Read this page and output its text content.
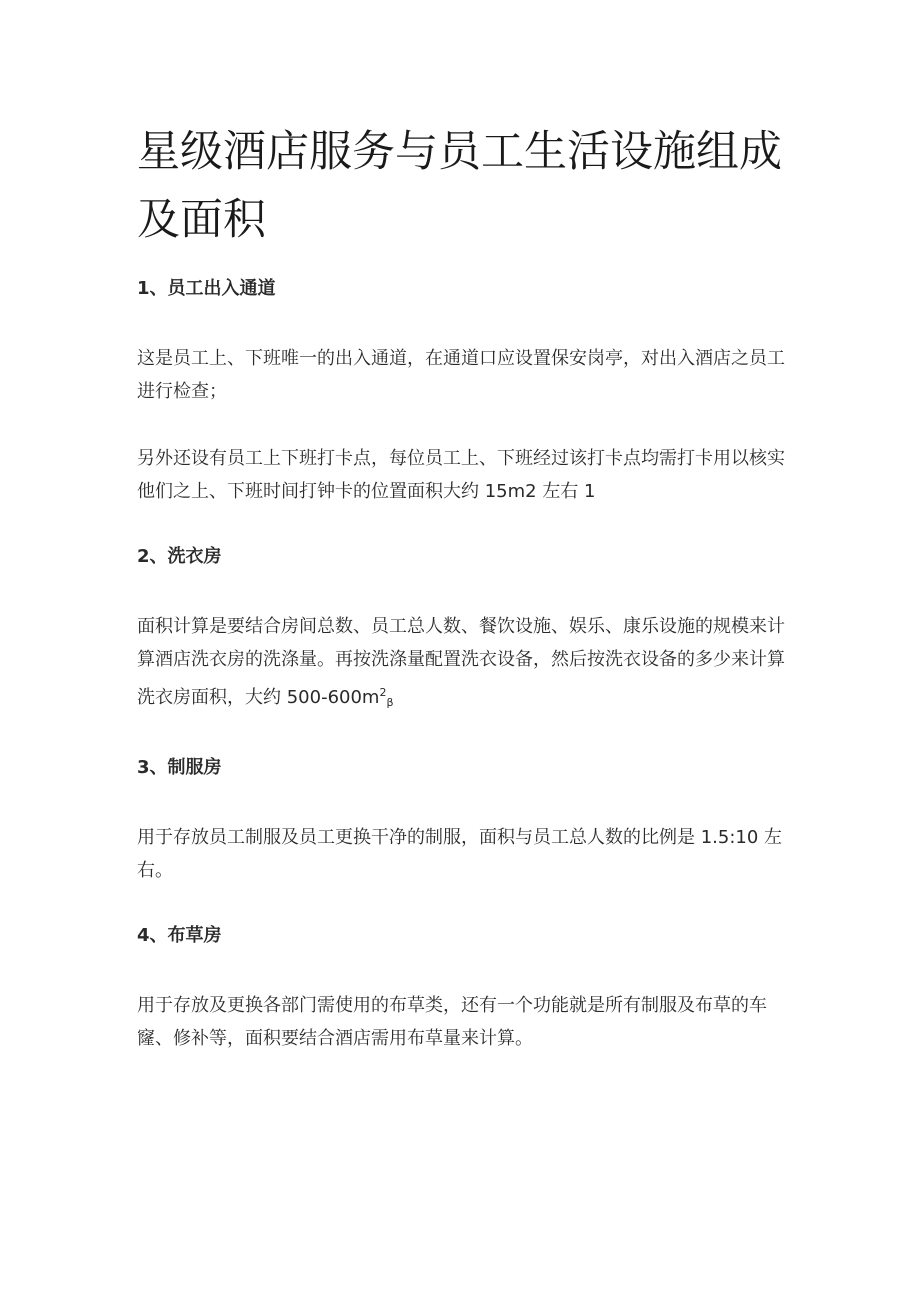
星级酒店服务与员工生活设施组成及面积
1、员工出入通道

这是员工上、下班唯一的出入通道，在通道口应设置保安岗亭，对出入酒店之员工进行检查；

另外还设有员工上下班打卡点，每位员工上、下班经过该打卡点均需打卡用以核实他们之上、下班时间打钟卡的位置面积大约 15m2 左右 1

2、洗衣房

面积计算是要结合房间总数、员工总人数、餐饮设施、娱乐、康乐设施的规模来计算酒店洗衣房的洗涤量。再按洗涤量配置洗衣设备，然后按洗衣设备的多少来计算洗衣房面积，大约 $500-600m^2_\beta$

3、制服房

用于存放员工制服及员工更换干净的制服，面积与员工总人数的比例是 1.5:10 左右。

4、布草房

用于存放及更换各部门需使用的布草类，还有一个功能就是所有制服及布草的车窿、修补等，面积要结合酒店需用布草量来计算。
